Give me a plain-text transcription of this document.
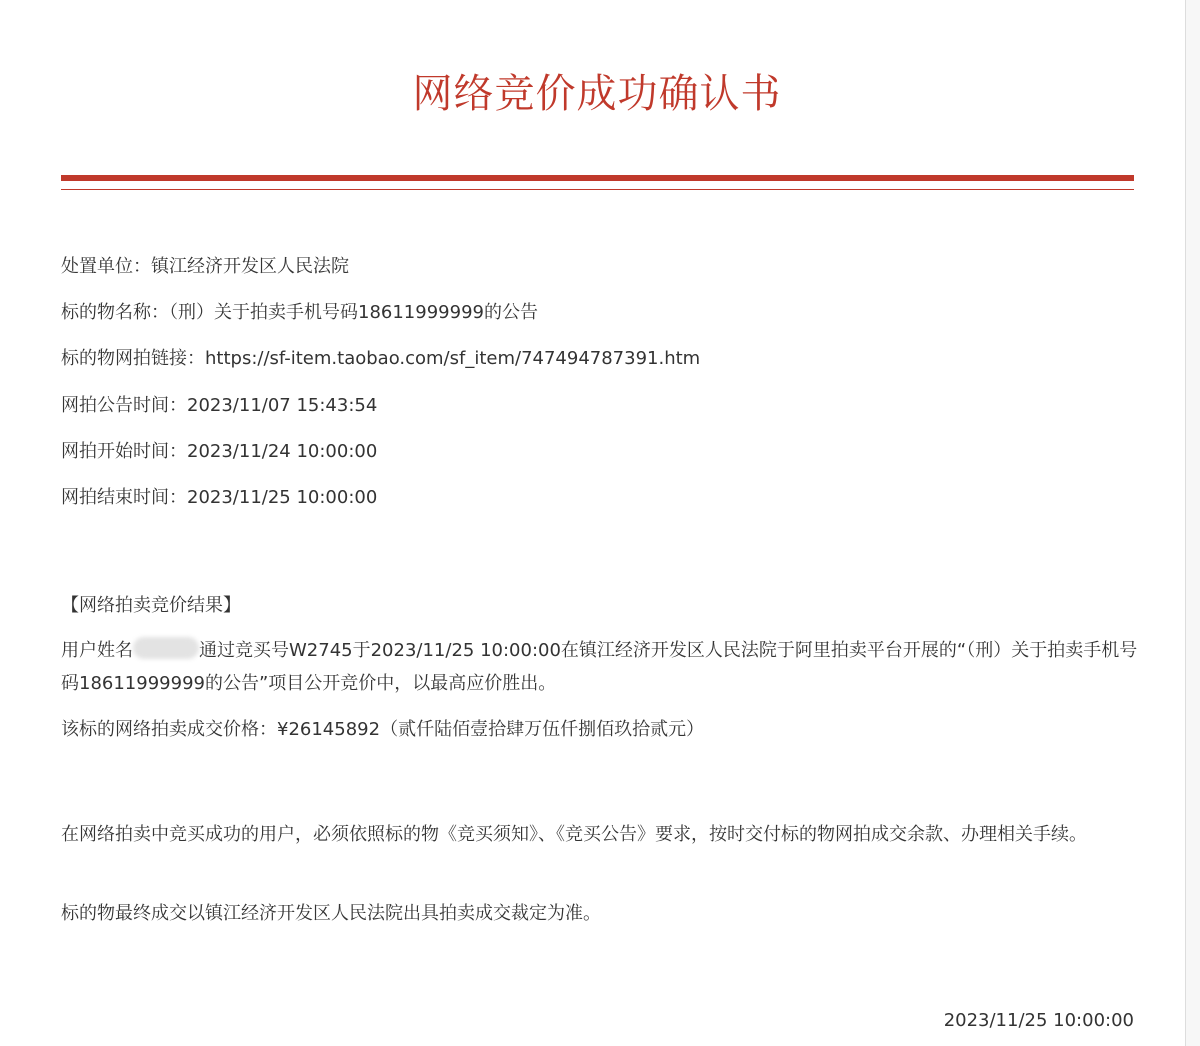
网络竞价成功确认书
处置单位：镇江经济开发区人民法院
标的物名称：（刑）关于拍卖手机号码18611999999的公告
标的物网拍链接：https://sf-item.taobao.com/sf_item/747494787391.htm
网拍公告时间：2023/11/07 15:43:54
网拍开始时间：2023/11/24 10:00:00
网拍结束时间：2023/11/25 10:00:00
【网络拍卖竞价结果】
用户姓名	通过竞买号W2745于2023/11/25 10:00:00在镇江经济开发区人民法院于阿里拍卖平台开展的“（刑）关于拍卖手机号码18611999999的公告”项目公开竞价中，以最高应价胜出。
该标的网络拍卖成交价格：¥26145892（贰仟陆佰壹拾肆万伍仟捌佰玖拾贰元）
在网络拍卖中竞买成功的用户，必须依照标的物《竞买须知》、《竞买公告》要求，按时交付标的物网拍成交余款、办理相关手续。
标的物最终成交以镇江经济开发区人民法院出具拍卖成交裁定为准。
2023/11/25 10:00:00
